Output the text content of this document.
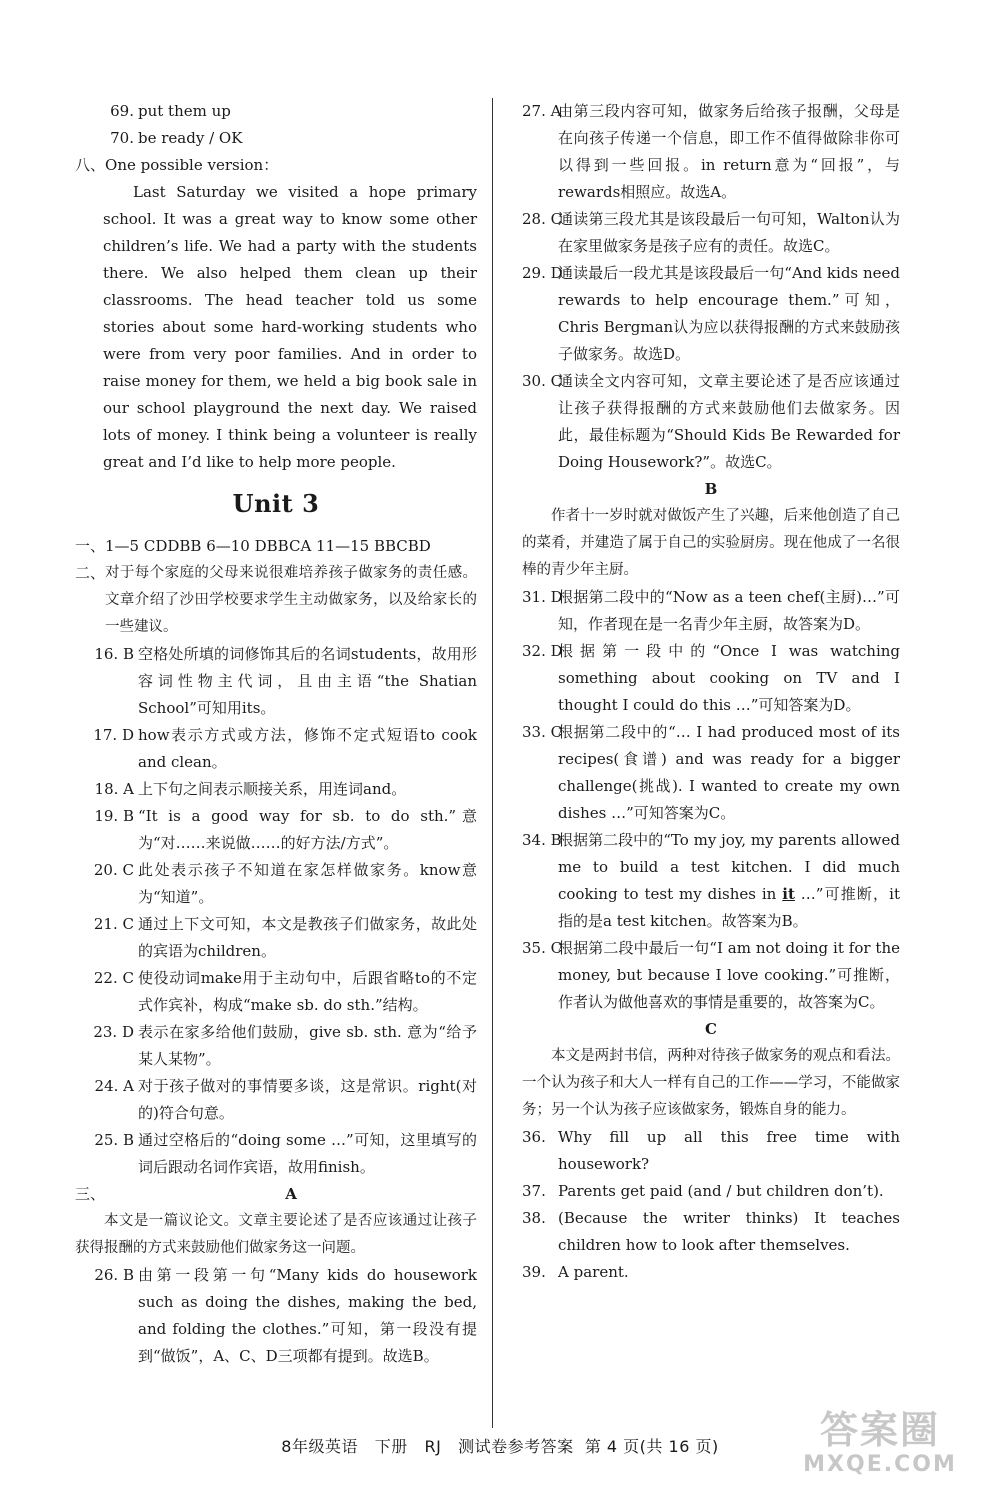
69. put them up
70. be ready / OK
八、 One possible version：

Last Saturday we visited a hope primary school. It was a great way to know some other children’s life. We had a party with the students there. We also helped them clean up their classrooms. The head teacher told us some stories about some hard-working students who were from very poor families. And in order to raise money for them, we held a big book sale in our school playground the next day. We raised lots of money. I think being a volunteer is really great and I’d like to help more people.

Unit 3
一、 1—5 CDDBB 6—10 DBBCA 11—15 BBCBD
二、 对于每个家庭的父母来说很难培养孩子做家务的责任感。文章介绍了沙田学校要求学生主动做家务，以及给家长的一些建议。
16. B 空格处所填的词修饰其后的名词students，故用形容词性物主代词，且由主语“the Shatian School”可知用its。
17. D how表示方式或方法，修饰不定式短语to cook and clean。
18. A 上下句之间表示顺接关系，用连词and。
19. B “It is a good way for sb. to do sth.”意为“对……来说做……的好方法/方式”。
20. C 此处表示孩子不知道在家怎样做家务。know意为“知道”。
21. C 通过上下文可知，本文是教孩子们做家务，故此处的宾语为children。
22. C 使役动词make用于主动句中，后跟省略to的不定式作宾补，构成“make sb. do sth.”结构。
23. D 表示在家多给他们鼓励，give sb. sth. 意为“给予某人某物”。
24. A 对于孩子做对的事情要多谈，这是常识。right(对的)符合句意。
25. B 通过空格后的“doing some …”可知，这里填写的词后跟动名词作宾语，故用finish。
三、	A

本文是一篇议论文。文章主要论述了是否应该通过让孩子获得报酬的方式来鼓励他们做家务这一问题。

26. B 由第一段第一句“Many kids do housework such as doing the dishes, making the bed, and folding the clothes.”可知，第一段没有提到“做饭”，A、C、D三项都有提到。故选B。
27. A
由第三段内容可知，做家务后给孩子报酬，父母是在向孩子传递一个信息，即工作不值得做除非你可以得到一些回报。in return意为“回报”，与rewards相照应。故选A。
28. C
通读第三段尤其是该段最后一句可知，Walton认为在家里做家务是孩子应有的责任。故选C。
29. D
通读最后一段尤其是该段最后一句“And kids need rewards to help encourage them.”可知，Chris Bergman认为应以获得报酬的方式来鼓励孩子做家务。故选D。
30. C
通读全文内容可知，文章主要论述了是否应该通过让孩子获得报酬的方式来鼓励他们去做家务。因此，最佳标题为“Should Kids Be Rewarded for Doing Housework?”。故选C。

B

作者十一岁时就对做饭产生了兴趣，后来他创造了自己的菜肴，并建造了属于自己的实验厨房。现在他成了一名很棒的青少年主厨。

31. D
根据第二段中的“Now as a teen chef(主厨)…”可知，作者现在是一名青少年主厨，故答案为D。
32. D
根据第一段中的“Once I was watching something about cooking on TV and I thought I could do this …”可知答案为D。
33. C
根据第二段中的“… I had produced most of its recipes(食谱) and was ready for a bigger challenge(挑战). I wanted to create my own dishes …”可知答案为C。
34. B
根据第二段中的“To my joy, my parents allowed me to build a test kitchen. I did much cooking to test my dishes in it …”可推断，it指的是a test kitchen。故答案为B。
35. C
根据第二段中最后一句“I am not doing it for the money, but because I love cooking.”可推断，作者认为做他喜欢的事情是重要的，故答案为C。

C

本文是两封书信，两种对待孩子做家务的观点和看法。一个认为孩子和大人一样有自己的工作——学习，不能做家务；另一个认为孩子应该做家务，锻炼自身的能力。

36. Why fill up all this free time with housework?
37. Parents get paid (and / but children don’t).
38. (Because the writer thinks) It teaches children how to look after themselves.
39. A parent.
8年级英语 下册 RJ 测试卷参考答案 第 4 页(共 16 页)	答案圈
MXQE.COM
